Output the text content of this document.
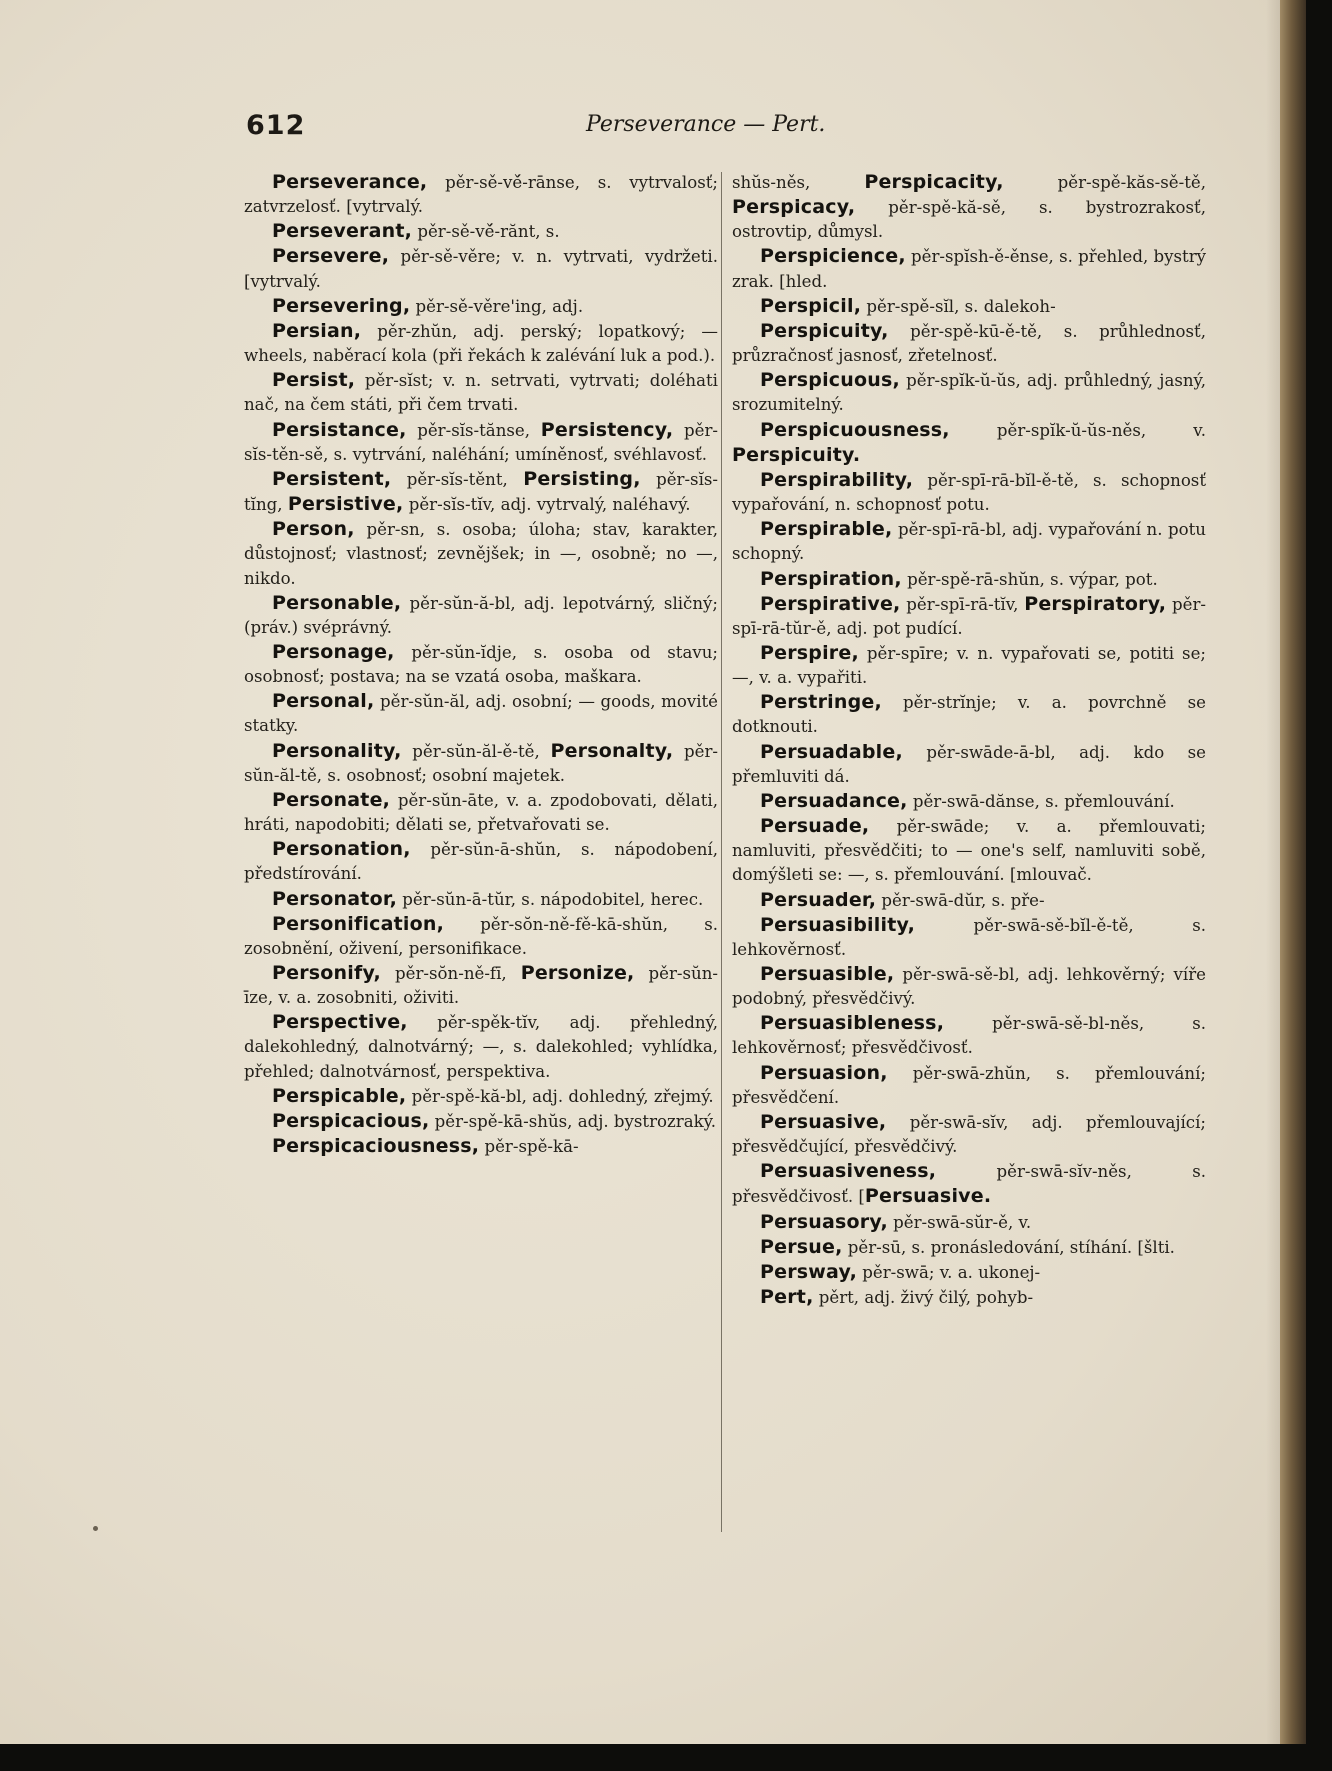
612	Perseverance — Pert.

Perseverance, pěr-sě-vě́-rānse, s. vytrvalosť; zatvrzelosť. [vytrvalý.

Perseverant, pěr-sě-vě́-rănt, s.

Persevere, pěr-sě-věre; v. n. vytrvati, vydržeti. [vytrvalý.

Persevering, pěr-sě-věre'ing, adj.

Persian, pěr-zhŭn, adj. perský; lopatkový; — wheels, naběrací kola (při řekách k zalévání luk a pod.).

Persist, pěr-sĭst; v. n. setrvati, vytrvati; doléhati nač, na čem státi, při čem trvati.

Persistance, pěr-sĭs-tănse, Persistency, pěr-sĭs-těn-sě, s. vytrvání, naléhání; umíněnosť, svéhlavosť.

Persistent, pěr-sĭs-těnt, Persisting, pěr-sĭs-tĭng, Persistive, pěr-sĭs-tĭv, adj. vytrvalý, naléhavý.

Person, pěr-sn, s. osoba; úloha; stav, karakter, důstojnosť; vlastnosť; zevnějšek; in —, osobně; no —, nikdo.

Personable, pěr-sŭn-ă-bl, adj. lepotvárný, sličný; (práv.) svéprávný.

Personage, pěr-sŭn-ĭdje, s. osoba od stavu; osobnosť; postava; na se vzatá osoba, maškara.

Personal, pěr-sŭn-ăl, adj. osobní; — goods, movité statky.

Personality, pěr-sŭn-ăl-ě-tě, Personalty, pěr-sŭn-ăl-tě, s. osobnosť; osobní majetek.

Personate, pěr-sŭn-āte, v. a. zpodobovati, dělati, hráti, napodobiti; dělati se, přetvařovati se.

Personation, pěr-sŭn-ā-shŭn, s. nápodobení, předstírování.

Personator, pěr-sŭn-ā-tŭr, s. nápodobitel, herec.

Personification, pěr-sŏn-ně-fě-kā-shŭn, s. zosobnění, oživení, personifikace.

Personify, pěr-sŏn-ně-fī, Personize, pěr-sŭn-īze, v. a. zosobniti, oživiti.

Perspective, pěr-spěk-tĭv, adj. přehledný, dalekohledný, dalnotvárný; —, s. dalekohled; vyhlídka, přehled; dalnotvárnosť, perspektiva.

Perspicable, pěr-spě-kă-bl, adj. dohledný, zřejmý.

Perspicacious, pěr-spě-kā-shŭs, adj. bystrozraký.

Perspicaciousness, pěr-spě-kā-

shŭs-něs, Perspicacity, pěr-spě-kăs-sě-tě, Perspicacy, pěr-spě-kă-sě, s. bystrozrakosť, ostrovtip, důmysl.

Perspicience, pěr-spĭsh-ě-ěnse, s. přehled, bystrý zrak. [hled.

Perspicil, pěr-spě-sĭl, s. dalekoh-

Perspicuity, pěr-spě-kū-ě-tě, s. průhlednosť, průzračnosť jasnosť, zřetelnosť.

Perspicuous, pěr-spĭk-ŭ-ŭs, adj. průhledný, jasný, srozumitelný.

Perspicuousness, pěr-spĭk-ŭ-ŭs-něs, v. Perspicuity.

Perspirability, pěr-spī-rā-bĭl-ě-tě, s. schopnosť vypařování, n. schopnosť potu.

Perspirable, pěr-spī-rā-bl, adj. vypařování n. potu schopný.

Perspiration, pěr-spě-rā-shŭn, s. výpar, pot.

Perspirative, pěr-spī-rā-tĭv, Perspiratory, pěr-spī-rā-tŭr-ě, adj. pot pudící.

Perspire, pěr-spīre; v. n. vypařovati se, potiti se; —, v. a. vypařiti.

Perstringe, pěr-strĭnje; v. a. povrchně se dotknouti.

Persuadable, pěr-swāde-ā-bl, adj. kdo se přemluviti dá.

Persuadance, pěr-swā-dănse, s. přemlouvání.

Persuade, pěr-swāde; v. a. přemlouvati; namluviti, přesvědčiti; to — one's self, namluviti sobě, domýšleti se: —, s. přemlouvání. [mlouvač.

Persuader, pěr-swā-dŭr, s. pře-

Persuasibility, pěr-swā-sě-bĭl-ě-tě, s. lehkověrnosť.

Persuasible, pěr-swā-sě-bl, adj. lehkověrný; víře podobný, přesvědčivý.

Persuasibleness, pěr-swā-sě-bl-něs, s. lehkověrnosť; přesvědčivosť.

Persuasion, pěr-swā-zhŭn, s. přemlouvání; přesvědčení.

Persuasive, pěr-swā-sĭv, adj. přemlouvající; přesvědčující, přesvědčivý.

Persuasiveness, pěr-swā-sĭv-něs, s. přesvědčivosť. [Persuasive.

Persuasory, pěr-swā-sŭr-ě, v.

Persue, pěr-sū, s. pronásledování, stíhání. [šlti.

Persway, pěr-swā; v. a. ukonej-

Pert, pěrt, adj. živý čilý, pohyb-
